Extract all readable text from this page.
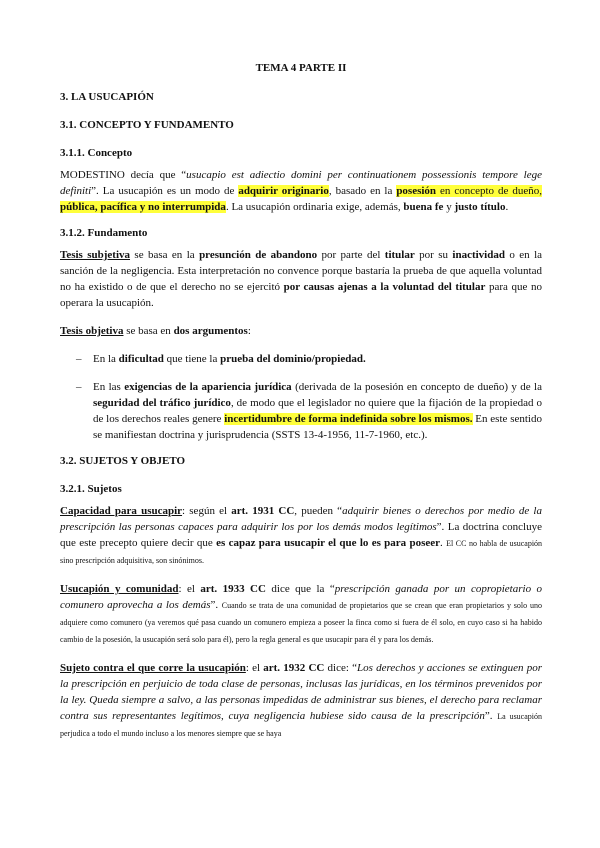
TEMA 4 PARTE II
3. LA USUCAPIÓN
3.1. CONCEPTO Y FUNDAMENTO
3.1.1. Concepto

MODESTINO decía que “usucapio est adiectio domini per continuationem possessionis tempore lege definiti”. La usucapión es un modo de adquirir originario, basado en la posesión en concepto de dueño, pública, pacífica y no interrumpida. La usucapión ordinaria exige, además, buena fe y justo título.

3.1.2. Fundamento

Tesis subjetiva se basa en la presunción de abandono por parte del titular por su inactividad o en la sanción de la negligencia. Esta interpretación no convence porque bastaría la prueba de que aquella voluntad no ha existido o de que el derecho no se ejercitó por causas ajenas a la voluntad del titular para que no operara la usucapión.

Tesis objetiva se basa en dos argumentos:

– En la dificultad que tiene la prueba del dominio/propiedad.
– En las exigencias de la apariencia jurídica (derivada de la posesión en concepto de dueño) y de la seguridad del tráfico jurídico, de modo que el legislador no quiere que la fijación de la propiedad o de los derechos reales genere incertidumbre de forma indefinida sobre los mismos. En este sentido se manifiestan doctrina y jurisprudencia (SSTS 13-4-1956, 11-7-1960, etc.).
3.2. SUJETOS Y OBJETO
3.2.1. Sujetos

Capacidad para usucapir: según el art. 1931 CC, pueden “adquirir bienes o derechos por medio de la prescripción las personas capaces para adquirir los por los demás modos legítimos”. La doctrina concluye que este precepto quiere decir que es capaz para usucapir el que lo es para poseer. El CC no habla de usucapión sino prescripción adquisitiva, son sinónimos.

Usucapión y comunidad: el art. 1933 CC dice que la “prescripción ganada por un copropietario o comunero aprovecha a los demás”. Cuando se trata de una comunidad de propietarios que se crean que eran propietarios y solo uno adquiere como comunero (ya veremos qué pasa cuando un comunero empieza a poseer la finca como si fuera de él solo, en cuyo caso si ha habido cambio de la posesión, la usucapión será solo para él), pero la regla general es que usucapir para él y para los demás.

Sujeto contra el que corre la usucapión: el art. 1932 CC dice: “Los derechos y acciones se extinguen por la prescripción en perjuicio de toda clase de personas, inclusas las jurídicas, en los términos prevenidos por la ley. Queda siempre a salvo, a las personas impedidas de administrar sus bienes, el derecho para reclamar contra sus representantes legítimos, cuya negligencia hubiese sido causa de la prescripción”. La usucapión perjudica a todo el mundo incluso a los menores siempre que se haya
